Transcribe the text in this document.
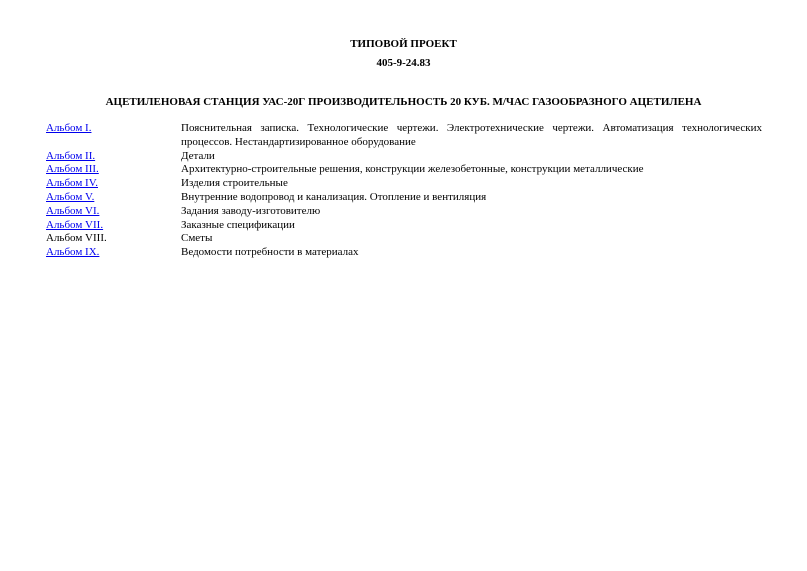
ТИПОВОЙ ПРОЕКТ
405-9-24.83
АЦЕТИЛЕНОВАЯ СТАНЦИЯ УАС-20Г ПРОИЗВОДИТЕЛЬНОСТЬ 20 КУБ. М/ЧАС ГАЗООБРАЗНОГО АЦЕТИЛЕНА
Альбом I.	Пояснительная записка. Технологические чертежи. Электротехнические чертежи. Автоматизация технологических процессов. Нестандартизированное оборудование
Альбом II.	Детали
Альбом III.	Архитектурно-строительные решения, конструкции железобетонные, конструкции металлические
Альбом IV.	Изделия строительные
Альбом V.	Внутренние водопровод и канализация. Отопление и вентиляция
Альбом VI.	Задания заводу-изготовителю
Альбом VII.	Заказные спецификации
Альбом VIII.	Сметы
Альбом IX.	Ведомости потребности в материалах
